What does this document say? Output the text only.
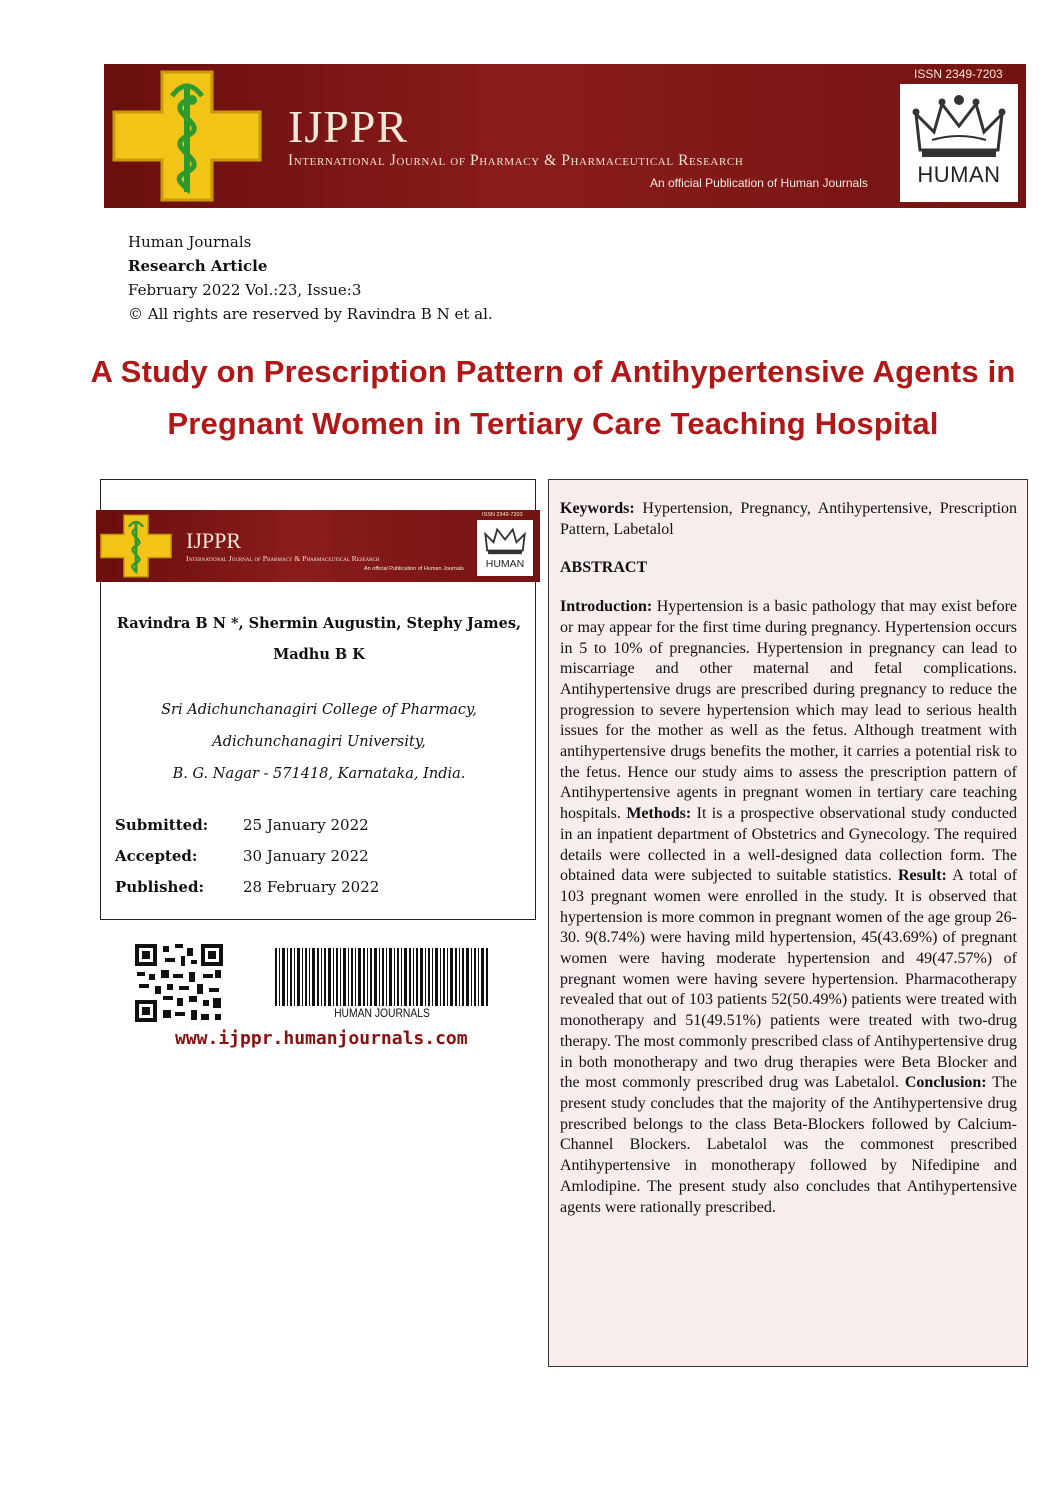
IJPPR
International Journal of Pharmacy & Pharmaceutical Research
An official Publication of Human Journals
ISSN 2349-7203
HUMAN
Human Journals
Research Article
February 2022 Vol.:23, Issue:3
© All rights are reserved by Ravindra B N et al.
A Study on Prescription Pattern of Antihypertensive Agents in
Pregnant Women in Tertiary Care Teaching Hospital
IJPPR
International Journal of Pharmacy & Pharmaceutical Research
An official Publication of Human Journals
ISSN 2349-7203
HUMAN
Ravindra B N *, Shermin Augustin, Stephy James,
Madhu B K
Sri Adichunchanagiri College of Pharmacy,
Adichunchanagiri University,
B. G. Nagar - 571418, Karnataka, India.
Submitted:	25 January 2022
Accepted:	30 January 2022
Published:	28 February 2022
HUMAN JOURNALS
www.ijppr.humanjournals.com

Keywords: Hypertension, Pregnancy, Antihypertensive, Prescription Pattern, Labetalol

ABSTRACT

Introduction: Hypertension is a basic pathology that may exist before or may appear for the first time during pregnancy. Hypertension occurs in 5 to 10% of pregnancies. Hypertension in pregnancy can lead to miscarriage and other maternal and fetal complications. Antihypertensive drugs are prescribed during pregnancy to reduce the progression to severe hypertension which may lead to serious health issues for the mother as well as the fetus. Although treatment with antihypertensive drugs benefits the mother, it carries a potential risk to the fetus. Hence our study aims to assess the prescription pattern of Antihypertensive agents in pregnant women in tertiary care teaching hospitals. Methods: It is a prospective observational study conducted in an inpatient department of Obstetrics and Gynecology. The required details were collected in a well-designed data collection form. The obtained data were subjected to suitable statistics. Result: A total of 103 pregnant women were enrolled in the study. It is observed that hypertension is more common in pregnant women of the age group 26-30. 9(8.74%) were having mild hypertension, 45(43.69%) of pregnant women were having moderate hypertension and 49(47.57%) of pregnant women were having severe hypertension. Pharmacotherapy revealed that out of 103 patients 52(50.49%) patients were treated with monotherapy and 51(49.51%) patients were treated with two-drug therapy. The most commonly prescribed class of Antihypertensive drug in both monotherapy and two drug therapies were Beta Blocker and the most commonly prescribed drug was Labetalol. Conclusion: The present study concludes that the majority of the Antihypertensive drug prescribed belongs to the class Beta-Blockers followed by Calcium-Channel Blockers. Labetalol was the commonest prescribed Antihypertensive in monotherapy followed by Nifedipine and Amlodipine. The present study also concludes that Antihypertensive agents were rationally prescribed.
